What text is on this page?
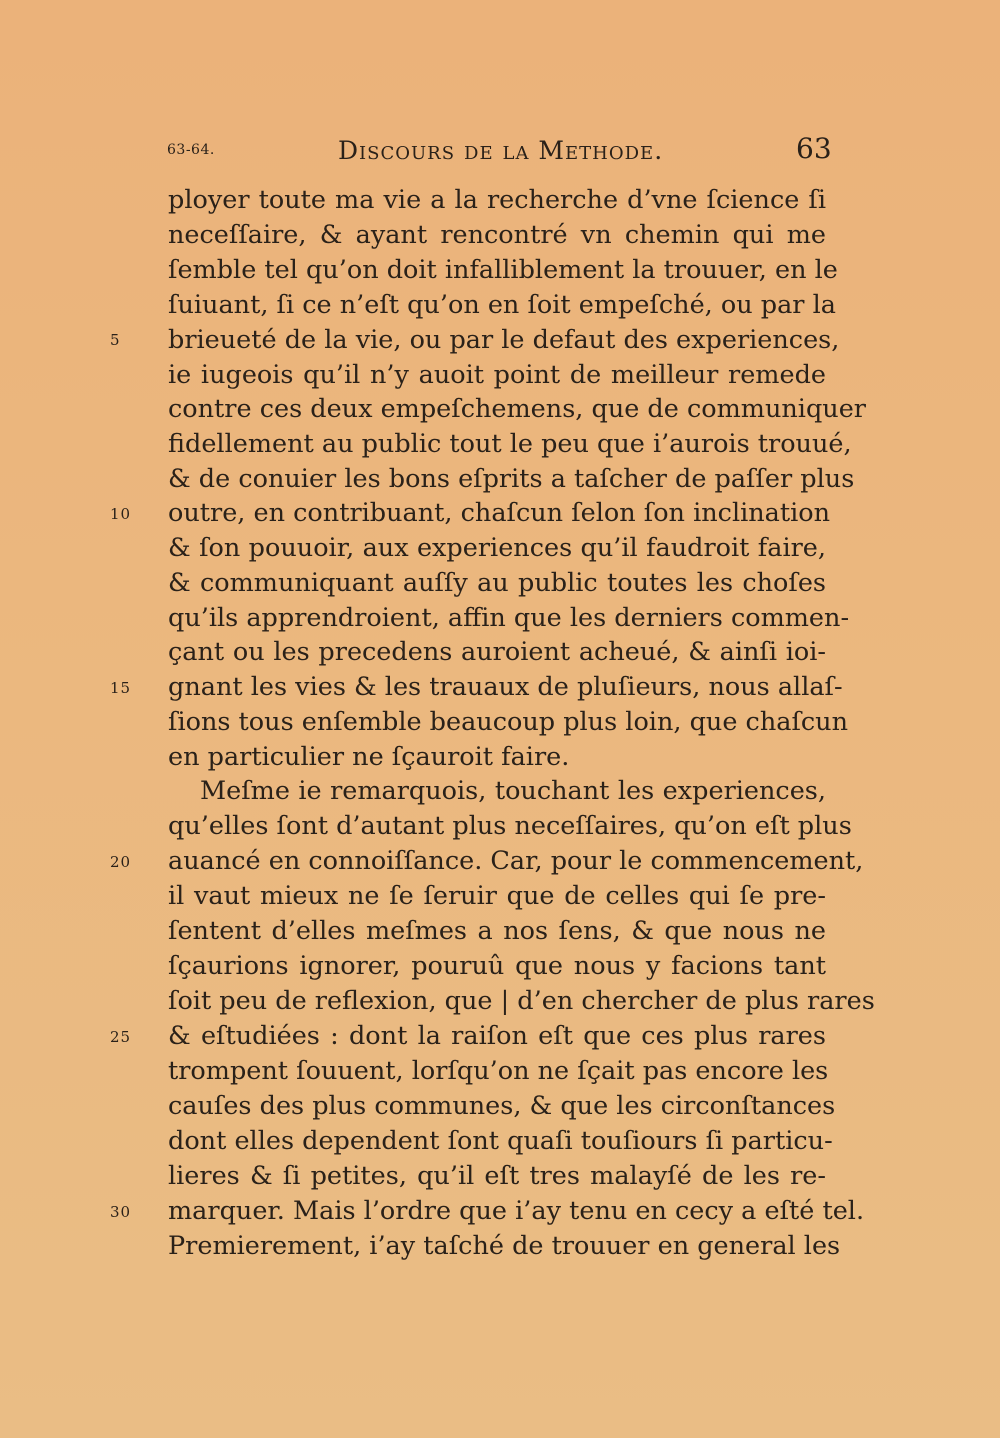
63-64.	Discours de la Methode.	63
ployer toute ma vie a la recherche d’vne ſcience ſi
neceſſaire, & ayant rencontré vn chemin qui me
ſemble tel qu’on doit infalliblement la trouuer, en le
ſuiuant, ſi ce n’eſt qu’on en ſoit empeſché, ou par la
brieueté de la vie, ou par le defaut des experiences,
ie iugeois qu’il n’y auoit point de meilleur remede
contre ces deux empeſchemens, que de communiquer
fidellement au public tout le peu que i’aurois trouué,
& de conuier les bons eſprits a taſcher de paſſer plus
outre, en contribuant, chaſcun ſelon ſon inclination
& ſon pouuoir, aux experiences qu’il faudroit faire,
& communiquant auſſy au public toutes les choſes
qu’ils apprendroient, affin que les derniers commen-
çant ou les precedens auroient acheué, & ainſi ioi-
gnant les vies & les trauaux de pluſieurs, nous allaſ-
ſions tous enſemble beaucoup plus loin, que chaſcun
en particulier ne ſçauroit faire.
Meſme ie remarquois, touchant les experiences,
qu’elles ſont d’autant plus neceſſaires, qu’on eſt plus
auancé en connoiſſance. Car, pour le commencement,
il vaut mieux ne ſe ſeruir que de celles qui ſe pre-
ſentent d’elles meſmes a nos ſens, & que nous ne
ſçaurions ignorer, pouruû que nous y facions tant
ſoit peu de reflexion, que | d’en chercher de plus rares
& eſtudiées : dont la raiſon eſt que ces plus rares
trompent ſouuent, lorſqu’on ne ſçait pas encore les
cauſes des plus communes, & que les circonſtances
dont elles dependent ſont quaſi touſiours ſi particu-
lieres & ſi petites, qu’il eſt tres malayſé de les re-
marquer. Mais l’ordre que i’ay tenu en cecy a eſté tel.
Premierement, i’ay taſché de trouuer en general les
5
10
15
20
25
30
